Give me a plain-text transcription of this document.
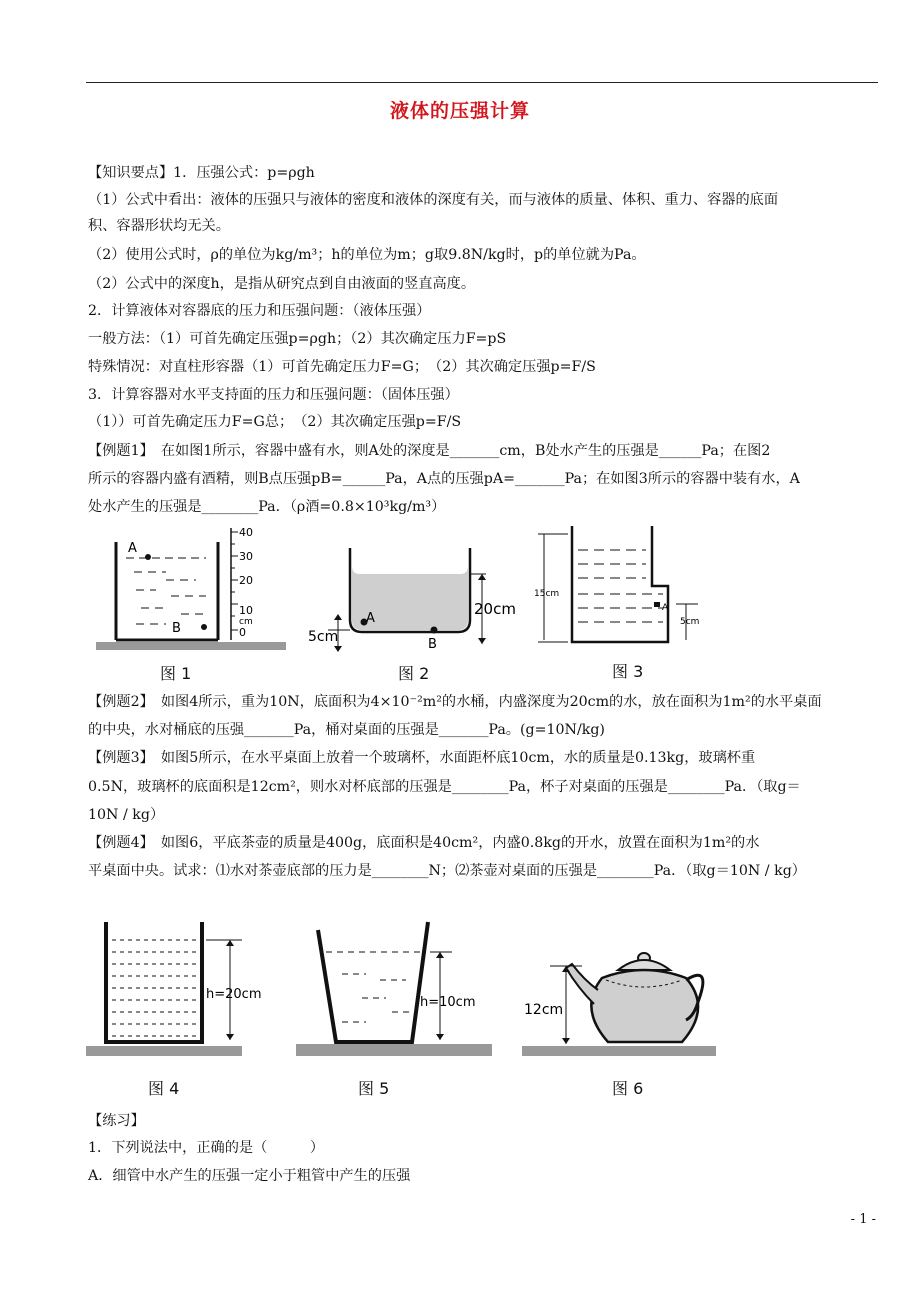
液体的压强计算
【知识要点】1．压强公式：p=ρgh
（1）公式中看出：液体的压强只与液体的密度和液体的深度有关，而与液体的质量、体积、重力、容器的底面
积、容器形状均无关。
（2）使用公式时，ρ的单位为kg/m³；h的单位为m；g取9.8N/kg时，p的单位就为Pa。
（2）公式中的深度h，是指从研究点到自由液面的竖直高度。
2．计算液体对容器底的压力和压强问题：（液体压强）
一般方法：（1）可首先确定压强p=ρgh；（2）其次确定压力F=pS
特殊情况：对直柱形容器（1）可首先确定压力F=G；　（2）其次确定压强p=F/S
3．计算容器对水平支持面的压力和压强问题：（固体压强）
（1））可首先确定压力F=G总；　（2）其次确定压强p=F/S
【例题1】　在如图1所示，容器中盛有水，则A处的深度是_______cm，B处水产生的压强是______Pa；在图2
所示的容器内盛有酒精，则B点压强pB=______Pa，A点的压强pA=_______Pa；在如图3所示的容器中装有水，A
处水产生的压强是________Pa．（ρ酒=0.8×10³kg/m³）
A
B
40
30
20
10
cm
0
图 1
A
B
5cm
20cm
图 2
A
15cm
5cm
图 3
【例题2】　如图4所示，重为10N，底面积为4×10⁻²m²的水桶，内盛深度为20cm的水，放在面积为1m²的水平桌面
的中央，水对桶底的压强_______Pa，桶对桌面的压强是_______Pa。(g=10N/kg)
【例题3】　如图5所示，在水平桌面上放着一个玻璃杯，水面距杯底10cm，水的质量是0.13kg，玻璃杯重
0.5N，玻璃杯的底面积是12cm²，则水对杯底部的压强是________Pa，杯子对桌面的压强是________Pa．（取g＝
10N / kg）
【例题4】　如图6，平底茶壶的质量是400g，底面积是40cm²，内盛0.8kg的开水，放置在面积为1m²的水
平桌面中央。试求：⑴水对茶壶底部的压力是________N；⑵茶壶对桌面的压强是________Pa．（取g＝10N / kg）
h=20cm
图 4
h=10cm
图 5
12cm
图 6
【练习】
1．下列说法中，正确的是（　　　）
A．细管中水产生的压强一定小于粗管中产生的压强
- 1 -
